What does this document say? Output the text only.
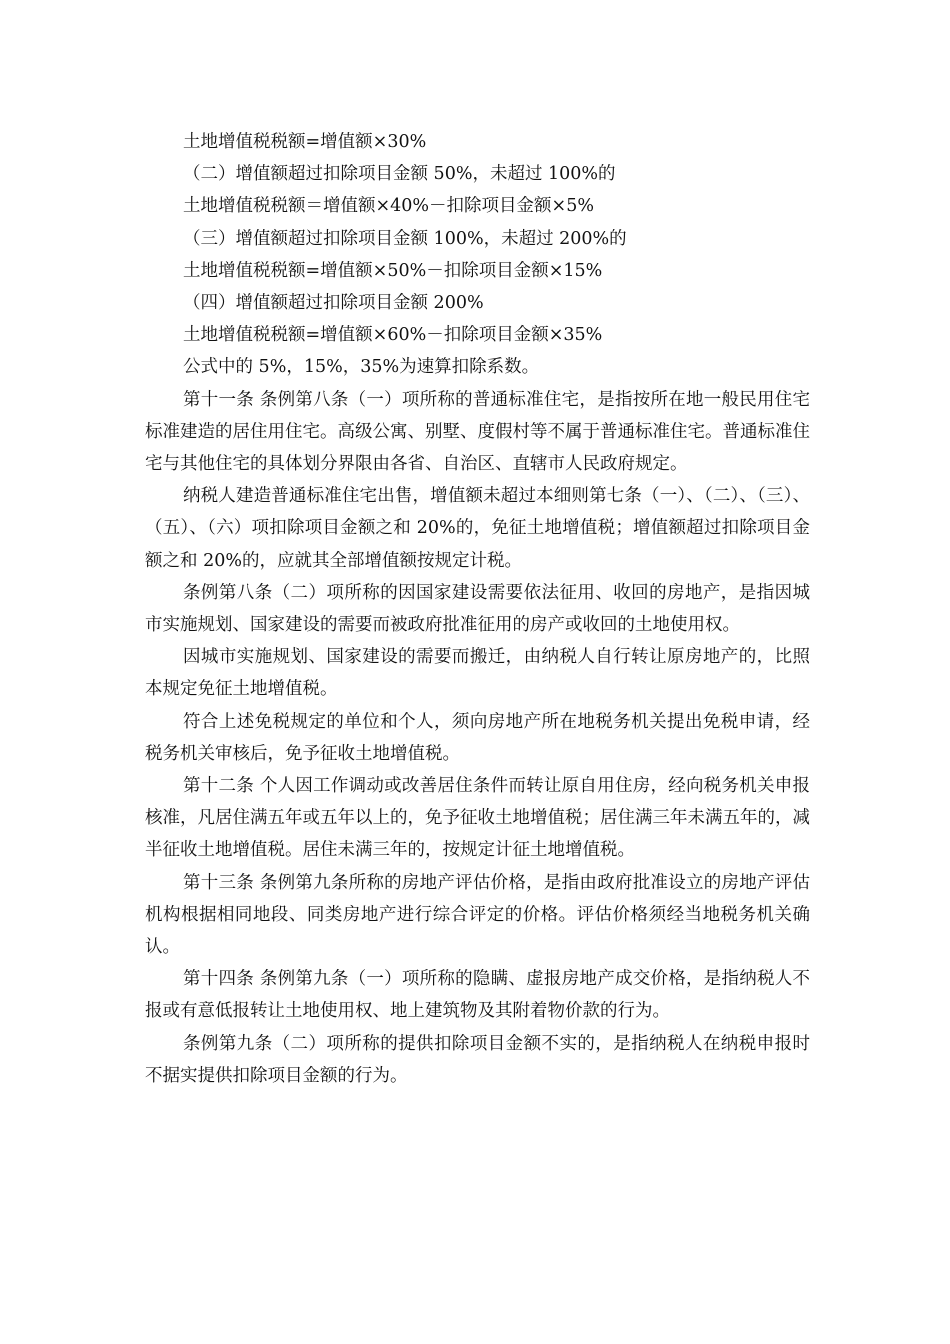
土地增值税税额=增值额×30%
（二）增值额超过扣除项目金额 50%，未超过 100%的
土地增值税税额＝增值额×40%－扣除项目金额×5%
（三）增值额超过扣除项目金额 100%，未超过 200%的
土地增值税税额=增值额×50%－扣除项目金额×15%
（四）增值额超过扣除项目金额 200%
土地增值税税额=增值额×60%－扣除项目金额×35%
公式中的 5%，15%，35%为速算扣除系数。

第十一条 条例第八条（一）项所称的普通标准住宅，是指按所在地一般民用住宅标准建造的居住用住宅。高级公寓、别墅、度假村等不属于普通标准住宅。普通标准住宅与其他住宅的具体划分界限由各省、自治区、直辖市人民政府规定。

纳税人建造普通标准住宅出售，增值额未超过本细则第七条（一）、（二）、（三）、（五）、（六）项扣除项目金额之和 20%的，免征土地增值税；增值额超过扣除项目金额之和 20%的，应就其全部增值额按规定计税。

条例第八条（二）项所称的因国家建设需要依法征用、收回的房地产，是指因城市实施规划、国家建设的需要而被政府批准征用的房产或收回的土地使用权。

因城市实施规划、国家建设的需要而搬迁，由纳税人自行转让原房地产的，比照本规定免征土地增值税。

符合上述免税规定的单位和个人，须向房地产所在地税务机关提出免税申请，经税务机关审核后，免予征收土地增值税。

第十二条 个人因工作调动或改善居住条件而转让原自用住房，经向税务机关申报核准，凡居住满五年或五年以上的，免予征收土地增值税；居住满三年未满五年的，减半征收土地增值税。居住未满三年的，按规定计征土地增值税。

第十三条 条例第九条所称的房地产评估价格，是指由政府批准设立的房地产评估机构根据相同地段、同类房地产进行综合评定的价格。评估价格须经当地税务机关确认。

第十四条 条例第九条（一）项所称的隐瞒、虚报房地产成交价格，是指纳税人不报或有意低报转让土地使用权、地上建筑物及其附着物价款的行为。

条例第九条（二）项所称的提供扣除项目金额不实的，是指纳税人在纳税申报时不据实提供扣除项目金额的行为。
